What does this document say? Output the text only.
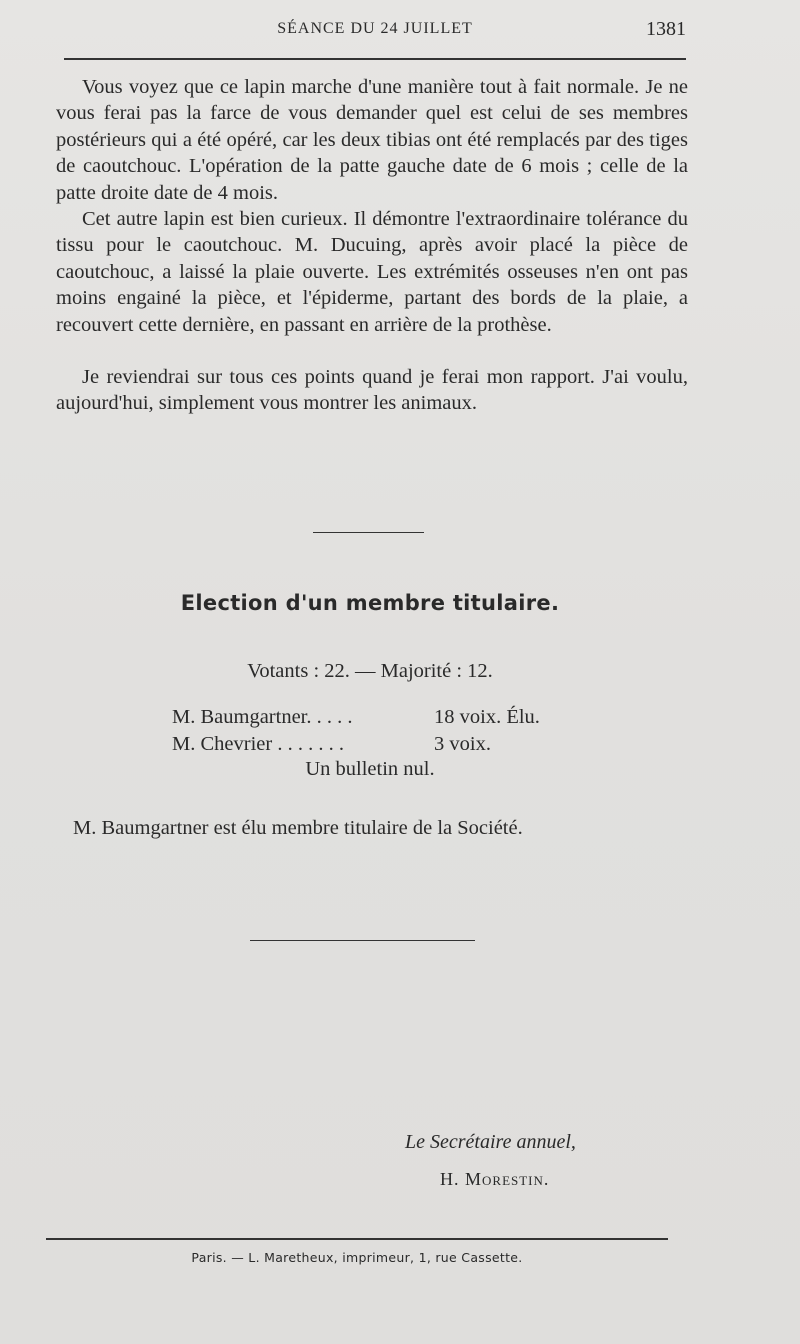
SÉANCE DU 24 JUILLET	1381

Vous voyez que ce lapin marche d'une manière tout à fait normale. Je ne vous ferai pas la farce de vous demander quel est celui de ses membres postérieurs qui a été opéré, car les deux tibias ont été remplacés par des tiges de caoutchouc. L'opération de la patte gauche date de 6 mois ; celle de la patte droite date de 4 mois.

Cet autre lapin est bien curieux. Il démontre l'extraordinaire tolérance du tissu pour le caoutchouc. M. Ducuing, après avoir placé la pièce de caoutchouc, a laissé la plaie ouverte. Les extrémités osseuses n'en ont pas moins engainé la pièce, et l'épiderme, partant des bords de la plaie, a recouvert cette dernière, en passant en arrière de la prothèse.

Je reviendrai sur tous ces points quand je ferai mon rapport. J'ai voulu, aujourd'hui, simplement vous montrer les animaux.

Election d'un membre titulaire.
Votants : 22. — Majorité : 12.
M. Baumgartner. . . . .	18 voix. Élu.
M. Chevrier . . . . . . .	3 voix.
Un bulletin nul.
M. Baumgartner est élu membre titulaire de la Société.
Le Secrétaire annuel,
H. Morestin.
Paris. — L. Maretheux, imprimeur, 1, rue Cassette.
